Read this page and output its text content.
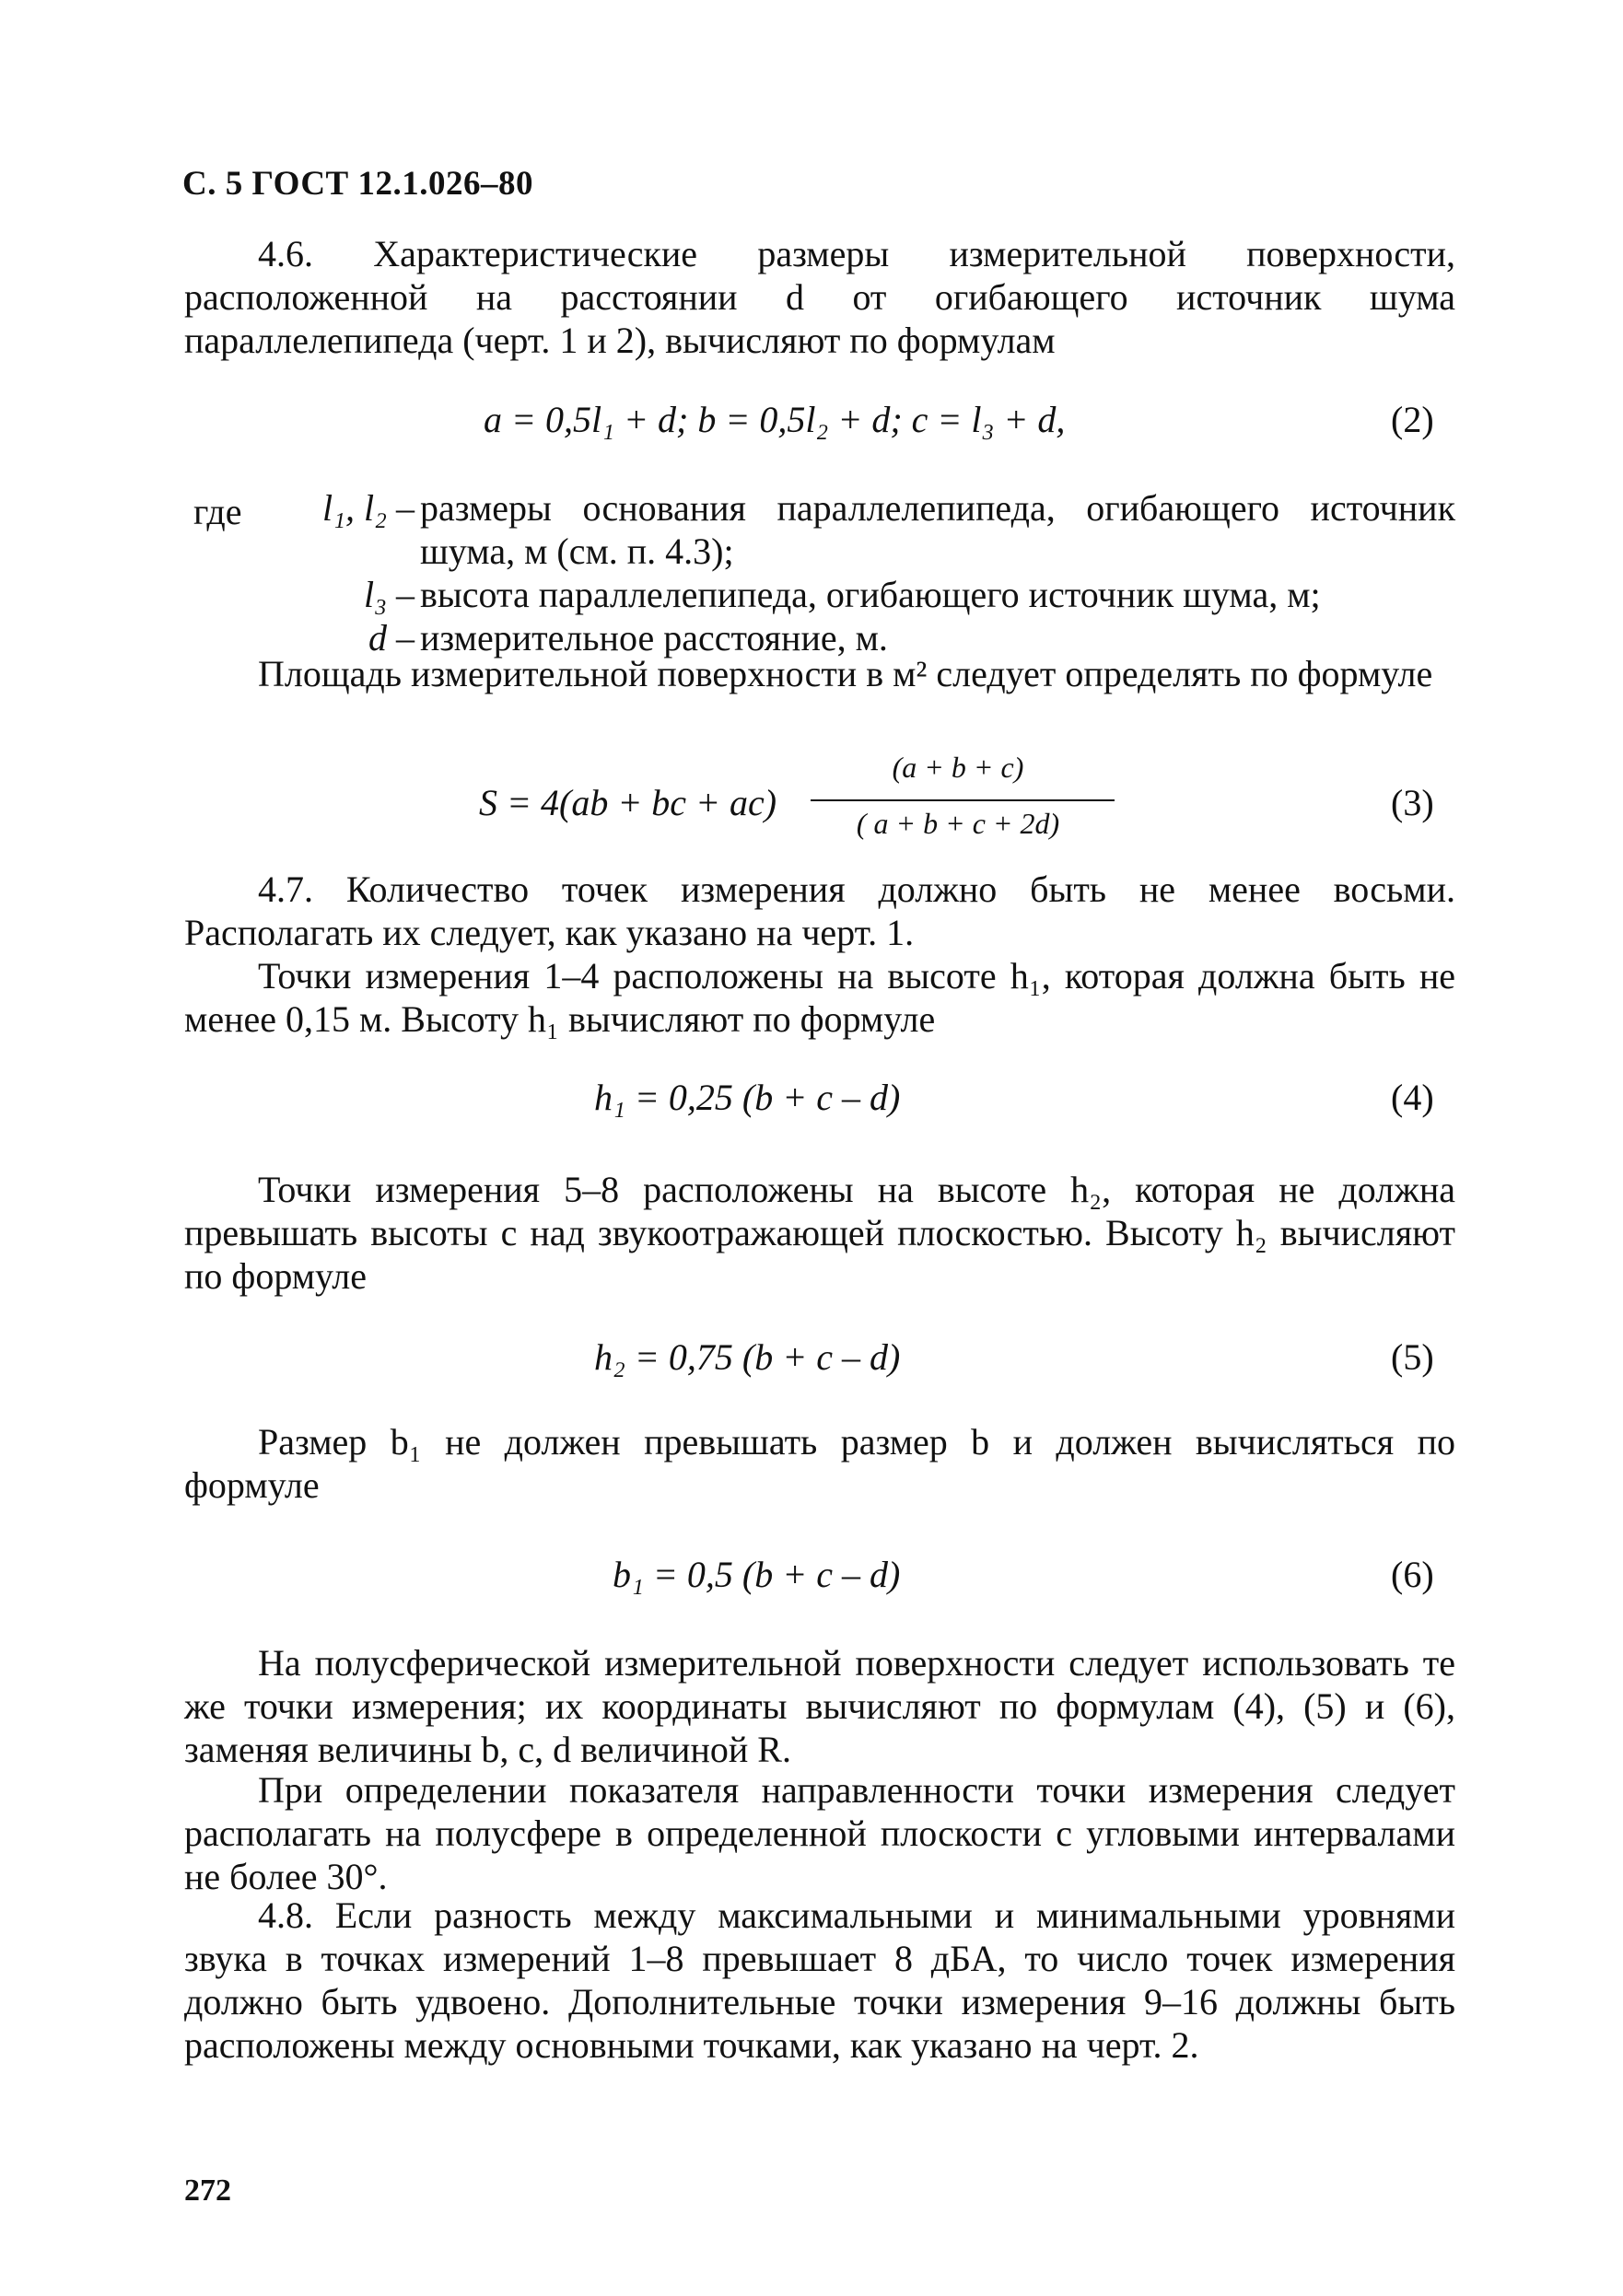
С. 5 ГОСТ 12.1.026–80

4.6. Характеристические размеры измерительной поверхности, расположенной на расстоянии d от огибающего источник шума параллелепипеда (черт. 1 и 2), вычисляют по формулам

a = 0,5l₁ + d; b = 0,5l₂ + d; c = l₃ + d,	(2)
где	l₁, l₂ – размеры основания параллелепипеда, огибающего источник шума, м (см. п. 4.3);
l₃ – высота параллелепипеда, огибающего источник шума, м;
d – измерительное расстояние, м.

Площадь измерительной поверхности в м² следует определять по формуле

S = 4(ab + bc + ac)
(a + b + c)
( a + b + c + 2d)	(3)

4.7. Количество точек измерения должно быть не менее восьми. Располагать их следует, как указано на черт. 1.

Точки измерения 1–4 расположены на высоте h₁, которая должна быть не менее 0,15 м. Высоту h₁ вычисляют по формуле

h₁ = 0,25 (b + c – d)	(4)

Точки измерения 5–8 расположены на высоте h₂, которая не должна превышать высоты c над звукоотражающей плоскостью. Высоту h₂ вычисляют по формуле

h₂ = 0,75 (b + c – d)	(5)

Размер b₁ не должен превышать размер b и должен вычисляться по формуле

b₁ = 0,5 (b + c – d)	(6)

На полусферической измерительной поверхности следует использовать те же точки измерения; их координаты вычисляют по формулам (4), (5) и (6), заменяя величины b, c, d величиной R.

При определении показателя направленности точки измерения следует располагать на полусфере в определенной плоскости с угловыми интервалами не более 30°.

4.8. Если разность между максимальными и минимальными уровнями звука в точках измерений 1–8 превышает 8 дБА, то число точек измерения должно быть удвоено. Дополнительные точки измерения 9–16 должны быть расположены между основными точками, как указано на черт. 2.

272
